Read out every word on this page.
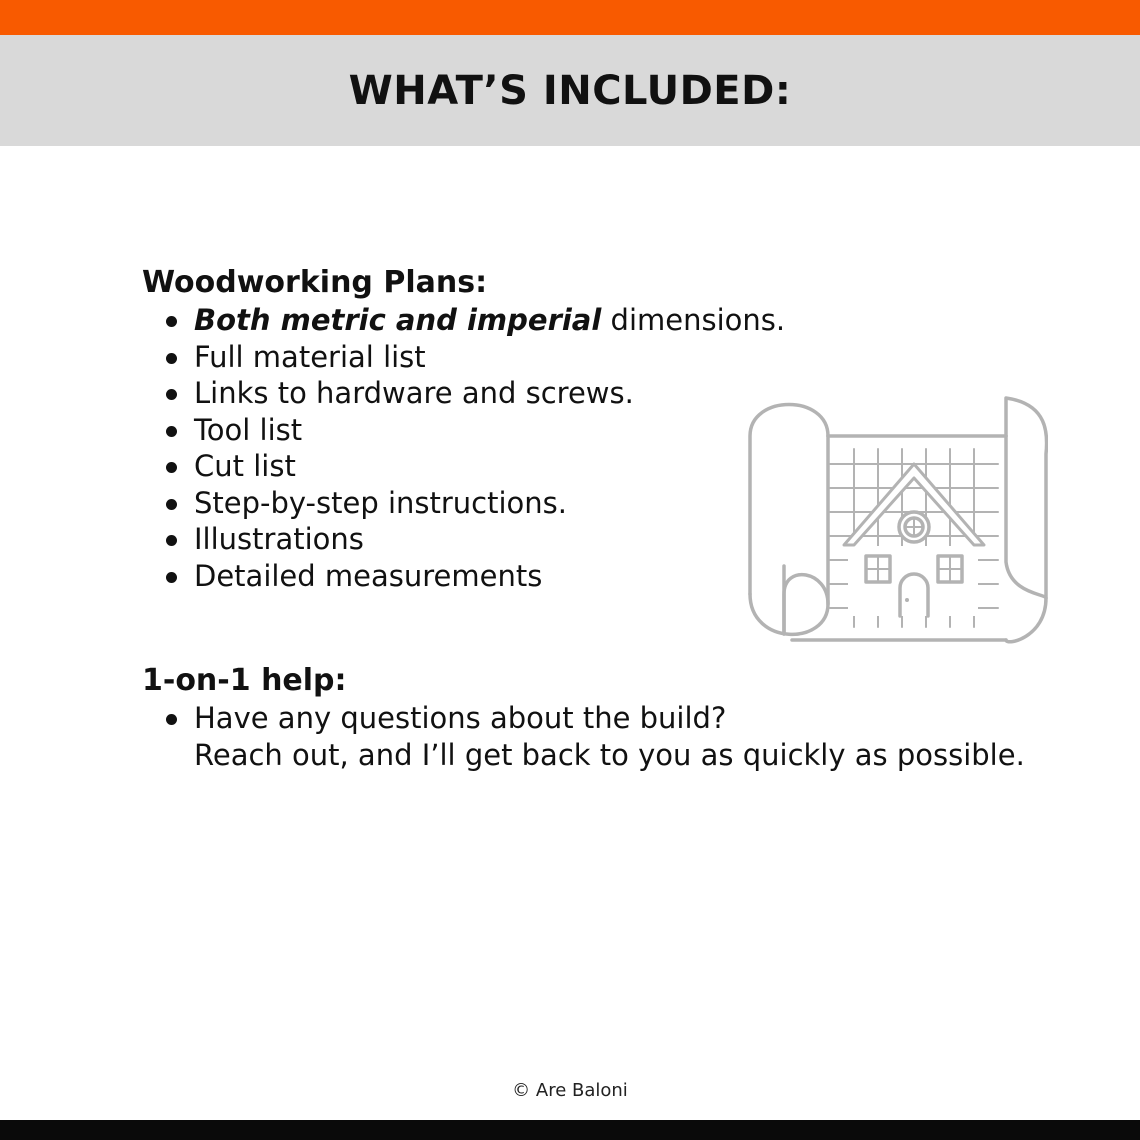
WHAT’S INCLUDED:

Woodworking Plans:

Both metric and imperial dimensions.
Full material list
Links to hardware and screws.
Tool list
Cut list
Step-by-step instructions.
Illustrations
Detailed measurements

1-on-1 help:

Have any questions about the build?
Reach out, and I’ll get back to you as quickly as possible.
© Are Baloni
